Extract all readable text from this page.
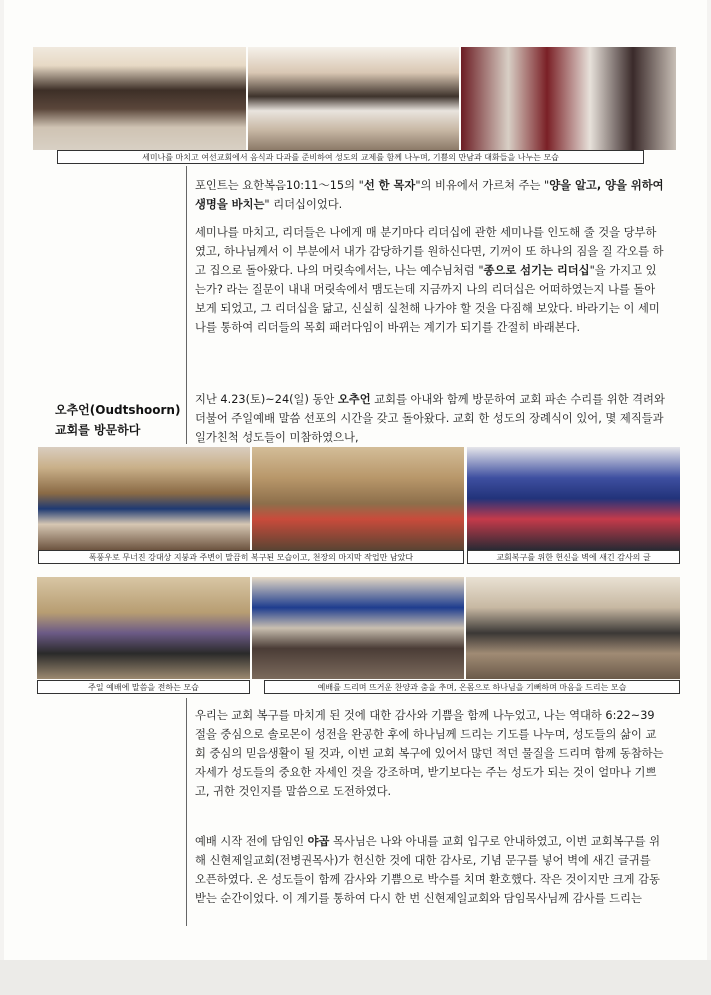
세미나를 마치고 여선교회에서 음식과 다과를 준비하여 성도의 교제를 함께 나누며, 기쁨의 만남과 대화들을 나누는 모습

포인트는 요한복음10:11～15의 "선 한 목자"의 비유에서 가르쳐 주는 "양을 알고, 양을 위하여 생명을 바치는" 리더십이었다.

세미나를 마치고, 리더들은 나에게 매 분기마다 리더십에 관한 세미나를 인도해 줄 것을 당부하였고, 하나님께서 이 부분에서 내가 감당하기를 원하신다면, 기꺼이 또 하나의 짐을 질 각오를 하고 집으로 돌아왔다. 나의 머릿속에서는, 나는 예수님처럼 "종으로 섬기는 리더십"을 가지고 있는가? 라는 질문이 내내 머릿속에서 맴도는데 지금까지 나의 리더십은 어떠하였는지 나를 돌아보게 되었고, 그 리더십을 닮고, 신실히 실천해 나가야 할 것을 다짐해 보았다. 바라기는 이 세미나를 통하여 리더들의 목회 패러다임이 바뀌는 계기가 되기를 간절히 바래본다.

오추언(Oudtshoorn)
교회를 방문하다

지난 4.23(토)~24(일) 동안 오추언 교회를 아내와 함께 방문하여 교회 파손 수리를 위한 격려와 더불어 주일예배 말씀 선포의 시간을 갖고 돌아왔다. 교회 한 성도의 장례식이 있어, 몇 제직들과 일가친척 성도들이 미참하였으나,

폭풍우로 무너진 강대상 지붕과 주변이 말끔히 복구된 모습이고, 천장의 마지막 작업만 남았다	교회복구를 위한 헌신을 벽에 새긴 감사의 글
주일 예배에 말씀을 전하는 모습	예배를 드리며 뜨거운 찬양과 춤을 추며, 온몸으로 하나님을 기뻐하며 마음을 드리는 모습

우리는 교회 복구를 마치게 된 것에 대한 감사와 기쁨을 함께 나누었고, 나는 역대하 6:22~39절을 중심으로 솔로몬이 성전을 완공한 후에 하나님께 드리는 기도를 나누며, 성도들의 삶이 교회 중심의 믿음생활이 될 것과, 이번 교회 복구에 있어서 많던 적던 물질을 드리며 함께 동참하는 자세가 성도들의 중요한 자세인 것을 강조하며, 받기보다는 주는 성도가 되는 것이 얼마나 기쁘고, 귀한 것인지를 말씀으로 도전하였다.

예배 시작 전에 담임인 야곱 목사님은 나와 아내를 교회 입구로 안내하였고, 이번 교회복구를 위해 신현제일교회(전병권목사)가 헌신한 것에 대한 감사로, 기념 문구를 넣어 벽에 새긴 글귀를 오픈하였다. 온 성도들이 함께 감사와 기쁨으로 박수를 치며 환호했다. 작은 것이지만 크게 감동받는 순간이었다. 이 계기를 통하여 다시 한 번 신현제일교회와 담임목사님께 감사를 드리는
